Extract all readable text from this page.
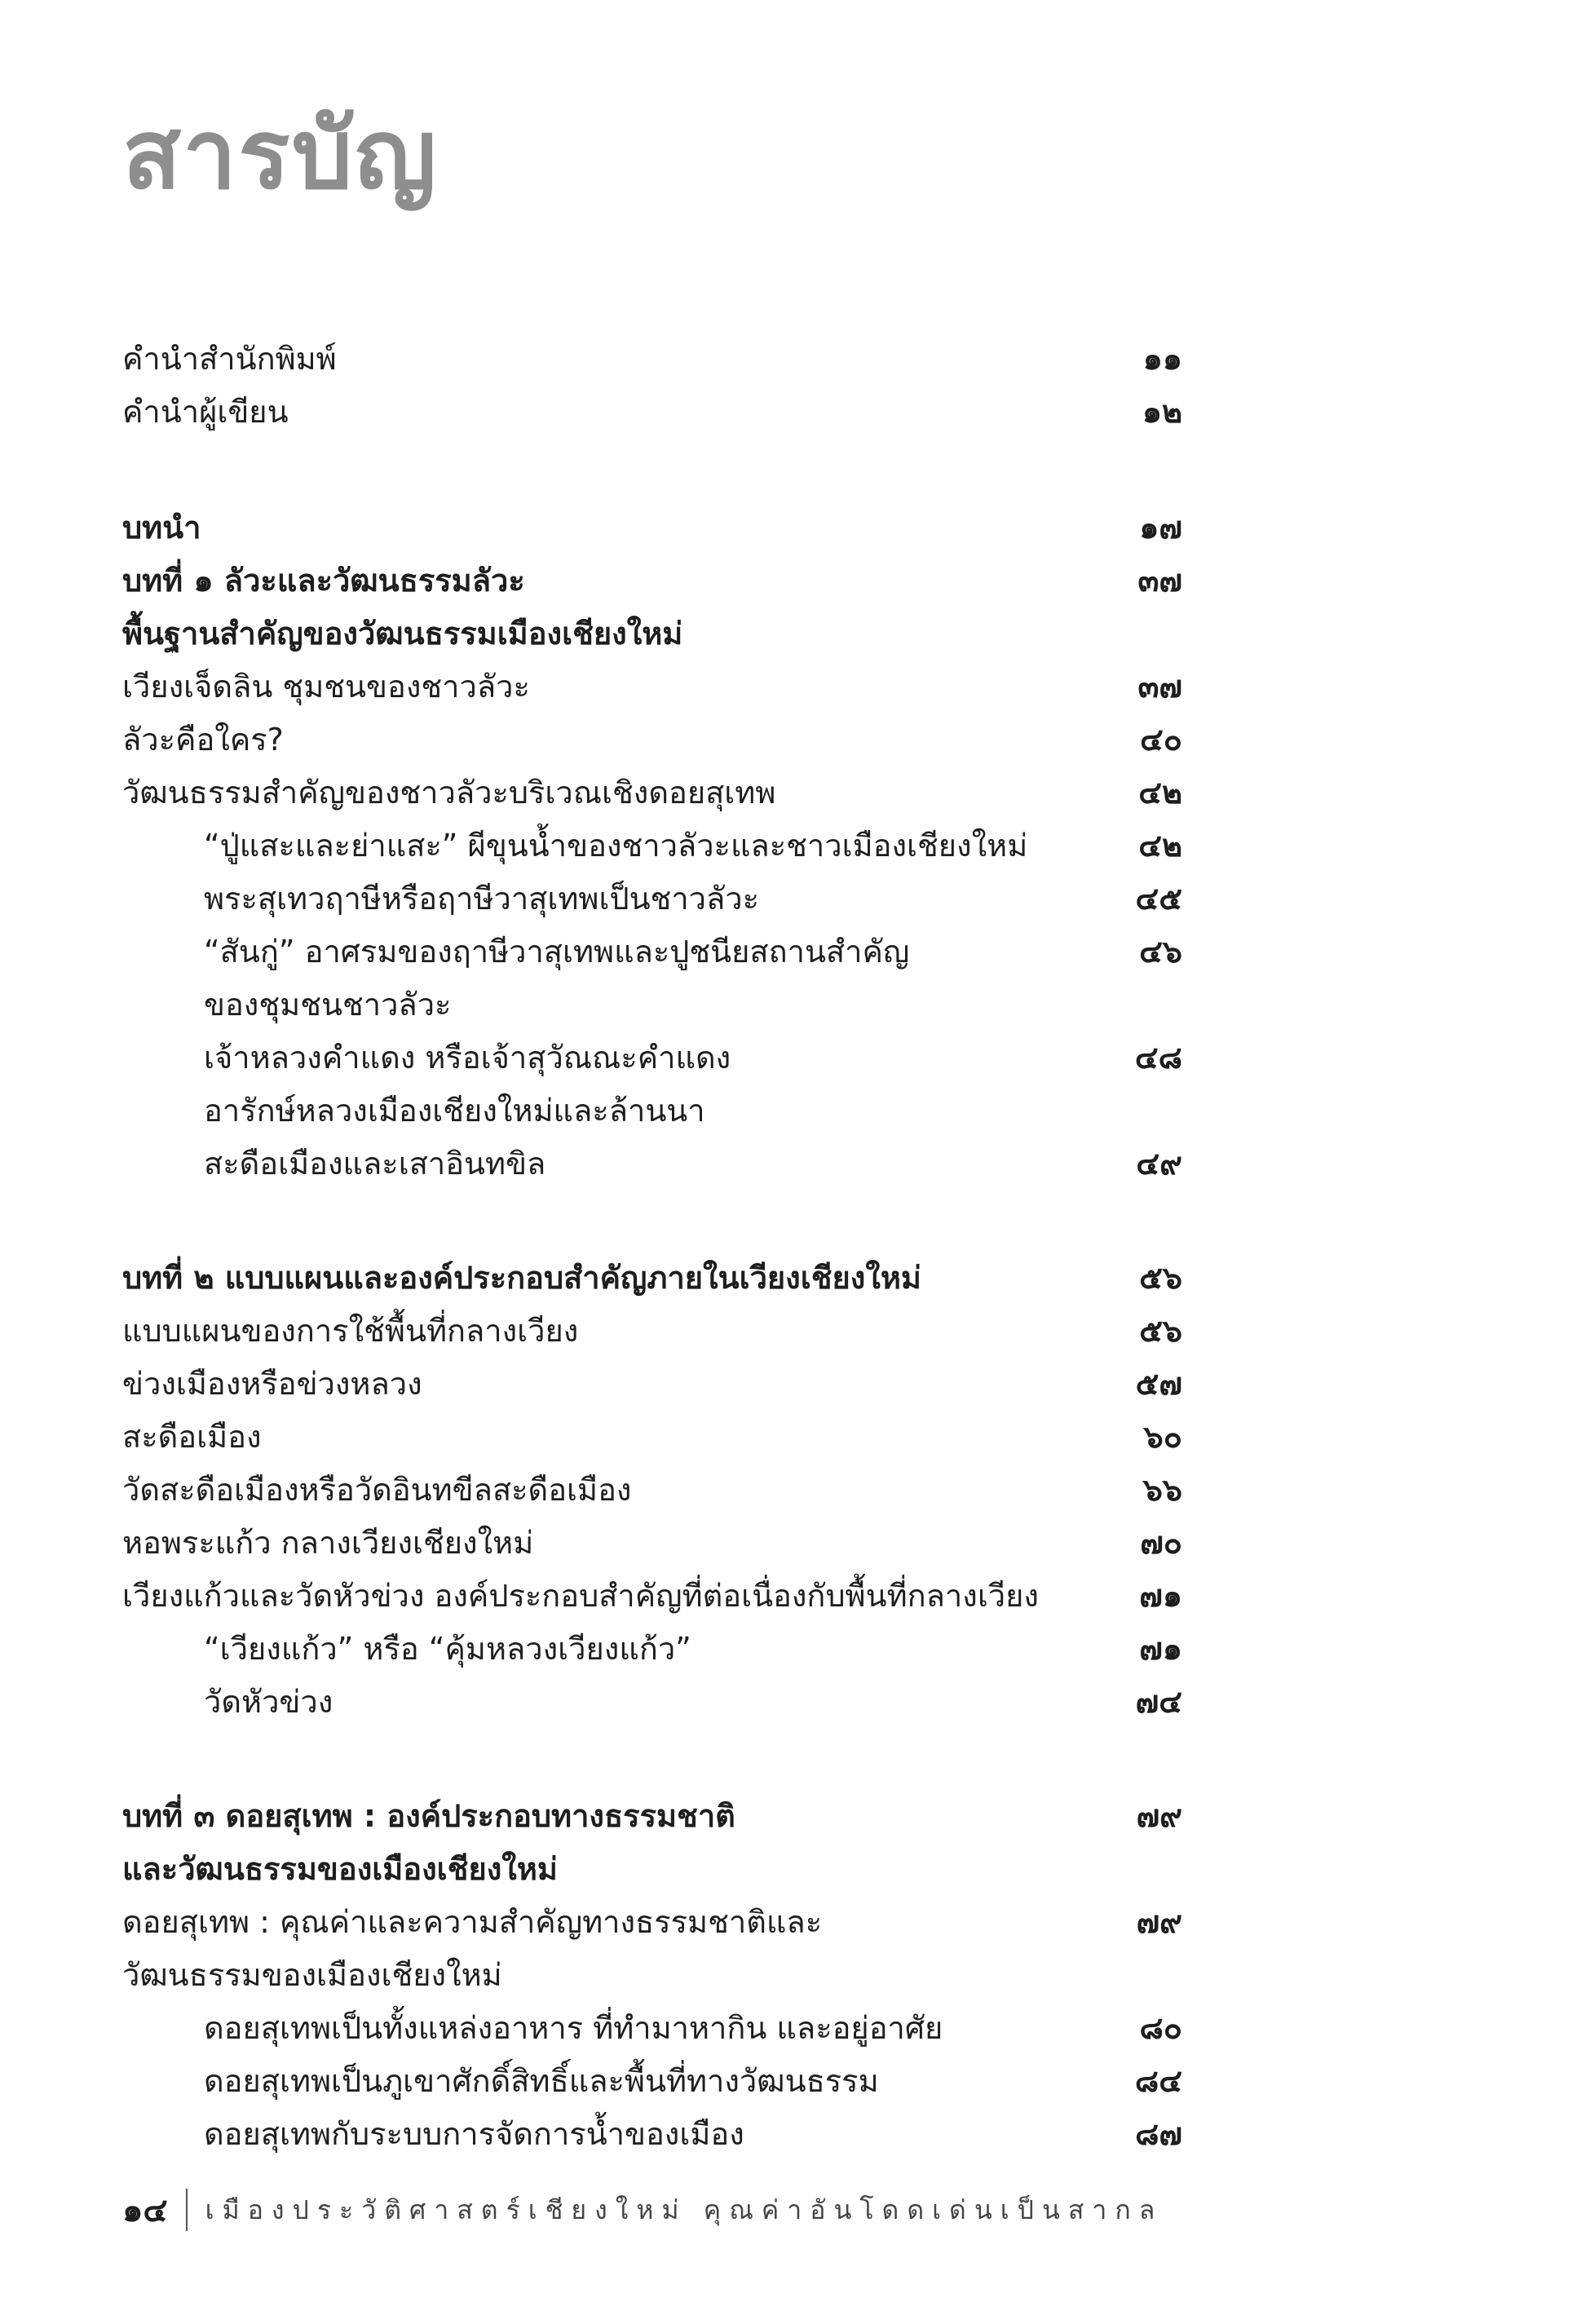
สารบัญ
คำนำสำนักพิมพ์	๑๑
คำนำผู้เขียน	๑๒
บทนำ	๑๗
บทที่ ๑ ลัวะและวัฒนธรรมลัวะ	๓๗
พื้นฐานสำคัญของวัฒนธรรมเมืองเชียงใหม่
เวียงเจ็ดลิน ชุมชนของชาวลัวะ	๓๗
ลัวะคือใคร?	๔๐
วัฒนธรรมสำคัญของชาวลัวะบริเวณเชิงดอยสุเทพ	๔๒
“ปู่แสะและย่าแสะ” ผีขุนน้ำของชาวลัวะและชาวเมืองเชียงใหม่	๔๒
พระสุเทวฤาษีหรือฤาษีวาสุเทพเป็นชาวลัวะ	๔๕
“สันกู่” อาศรมของฤาษีวาสุเทพและปูชนียสถานสำคัญ	๔๖
ของชุมชนชาวลัวะ
เจ้าหลวงคำแดง หรือเจ้าสุวัณณะคำแดง	๔๘
อารักษ์หลวงเมืองเชียงใหม่และล้านนา
สะดือเมืองและเสาอินทขิล	๔๙
บทที่ ๒ แบบแผนและองค์ประกอบสำคัญภายในเวียงเชียงใหม่	๕๖
แบบแผนของการใช้พื้นที่กลางเวียง	๕๖
ข่วงเมืองหรือข่วงหลวง	๕๗
สะดือเมือง	๖๐
วัดสะดือเมืองหรือวัดอินทขีลสะดือเมือง	๖๖
หอพระแก้ว กลางเวียงเชียงใหม่	๗๐
เวียงแก้วและวัดหัวข่วง องค์ประกอบสำคัญที่ต่อเนื่องกับพื้นที่กลางเวียง	๗๑
“เวียงแก้ว” หรือ “คุ้มหลวงเวียงแก้ว”	๗๑
วัดหัวข่วง	๗๔
บทที่ ๓ ดอยสุเทพ : องค์ประกอบทางธรรมชาติ	๗๙
และวัฒนธรรมของเมืองเชียงใหม่
ดอยสุเทพ : คุณค่าและความสำคัญทางธรรมชาติและ	๗๙
วัฒนธรรมของเมืองเชียงใหม่
ดอยสุเทพเป็นทั้งแหล่งอาหาร ที่ทำมาหากิน และอยู่อาศัย	๘๐
ดอยสุเทพเป็นภูเขาศักดิ์สิทธิ์และพื้นที่ทางวัฒนธรรม	๘๔
ดอยสุเทพกับระบบการจัดการน้ำของเมือง	๘๗
๑๔ เมืองประวัติศาสตร์เชียงใหม่ คุณค่าอันโดดเด่นเป็นสากล
